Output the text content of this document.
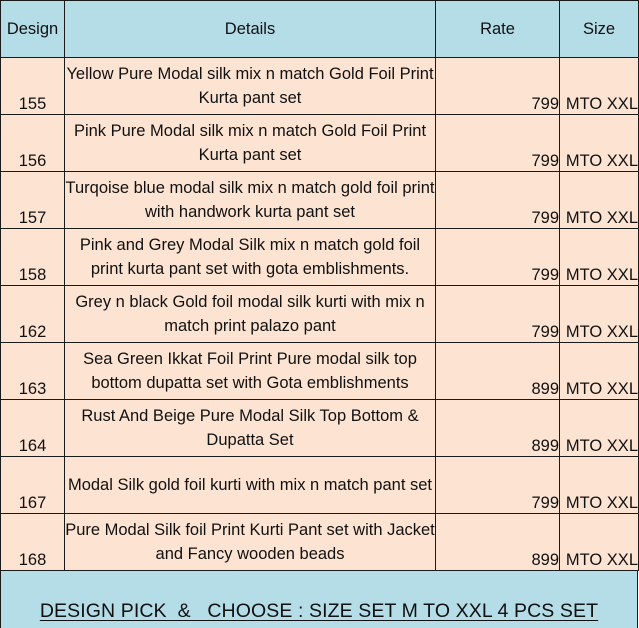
Design	Details	Rate	Size
155	Yellow Pure Modal silk mix n match Gold Foil Print Kurta pant set	799	MTO XXL
156	Pink Pure Modal silk mix n match Gold Foil Print Kurta pant set	799	MTO XXL
157	Turqoise blue modal silk mix n match gold foil print with handwork kurta pant set	799	MTO XXL
158	Pink and Grey Modal Silk mix n match gold foil print kurta pant set with gota emblishments.	799	MTO XXL
162	Grey n black Gold foil modal silk kurti with mix n match print palazo pant	799	MTO XXL
163	Sea Green Ikkat Foil Print Pure modal silk top bottom dupatta set with Gota emblishments	899	MTO XXL
164	Rust And Beige Pure Modal Silk Top Bottom & Dupatta Set	899	MTO XXL
167	Modal Silk gold foil kurti with mix n match pant set	799	MTO XXL
168	Pure Modal Silk foil Print Kurti Pant set with Jacket and Fancy wooden beads	899	MTO XXL
DESIGN PICK  &   CHOOSE : SIZE SET M TO XXL 4 PCS SET
